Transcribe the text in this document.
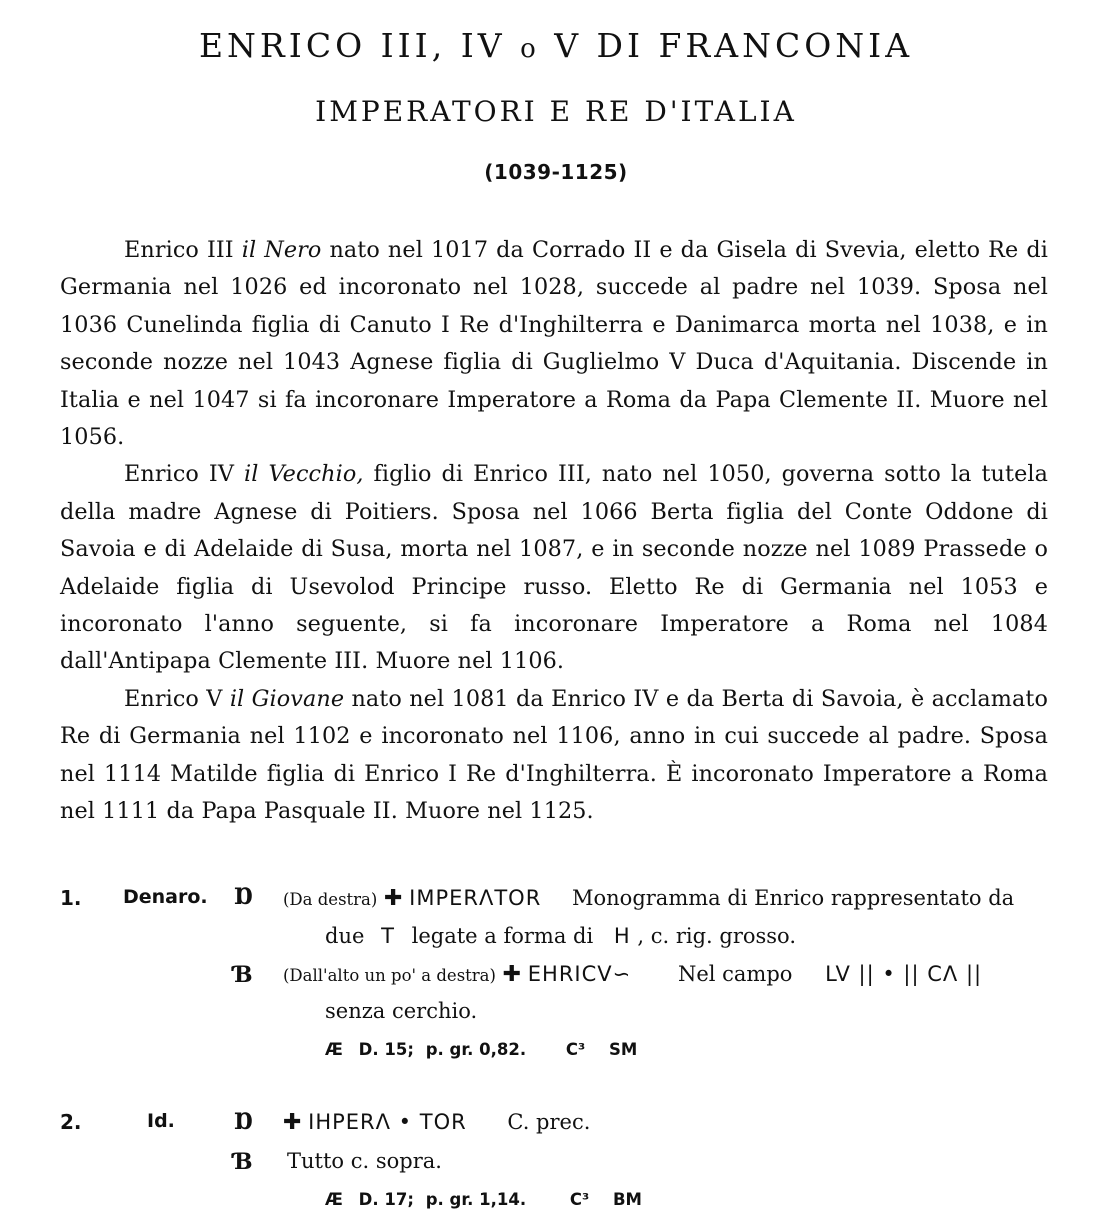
ENRICO III, IV o V DI FRANCONIA
IMPERATORI E RE D'ITALIA
(1039-1125)

Enrico III il Nero nato nel 1017 da Corrado II e da Gisela di Svevia, eletto Re di Germania nel 1026 ed incoronato nel 1028, succede al padre nel 1039. Sposa nel 1036 Cunelinda figlia di Canuto I Re d'Inghilterra e Danimarca morta nel 1038, e in seconde nozze nel 1043 Agnese figlia di Guglielmo V Duca d'Aquitania. Discende in Italia e nel 1047 si fa incoronare Imperatore a Roma da Papa Clemente II. Muore nel 1056.

Enrico IV il Vecchio, figlio di Enrico III, nato nel 1050, governa sotto la tutela della madre Agnese di Poitiers. Sposa nel 1066 Berta figlia del Conte Oddone di Savoia e di Adelaide di Susa, morta nel 1087, e in seconde nozze nel 1089 Prassede o Adelaide figlia di Usevolod Principe russo. Eletto Re di Germania nel 1053 e incoronato l'anno seguente, si fa incoronare Imperatore a Roma nel 1084 dall'Antipapa Clemente III. Muore nel 1106.

Enrico V il Giovane nato nel 1081 da Enrico IV e da Berta di Savoia, è acclamato Re di Germania nel 1102 e incoronato nel 1106, anno in cui succede al padre. Sposa nel 1114 Matilde figlia di Enrico I Re d'Inghilterra. È incoronato Imperatore a Roma nel 1111 da Papa Pasquale II. Muore nel 1125.

1. Denaro. Ɒ (Da destra) ✚ IMPERΛTOR Monogramma di Enrico rappresentato da
due T legate a forma di H , c. rig. grosso.
Ɓ (Dall'alto un po' a destra) ✚ EHRICV∽ Nel campo LV || • || CΛ ||
senza cerchio.
Æ D. 15; p. gr. 0,82. C³ SM
2.	Id.	Ɒ ✚ IHPERΛ • TOR C. prec.
Ɓ Tutto c. sopra.
Æ D. 17; p. gr. 1,14.	C³ BM
